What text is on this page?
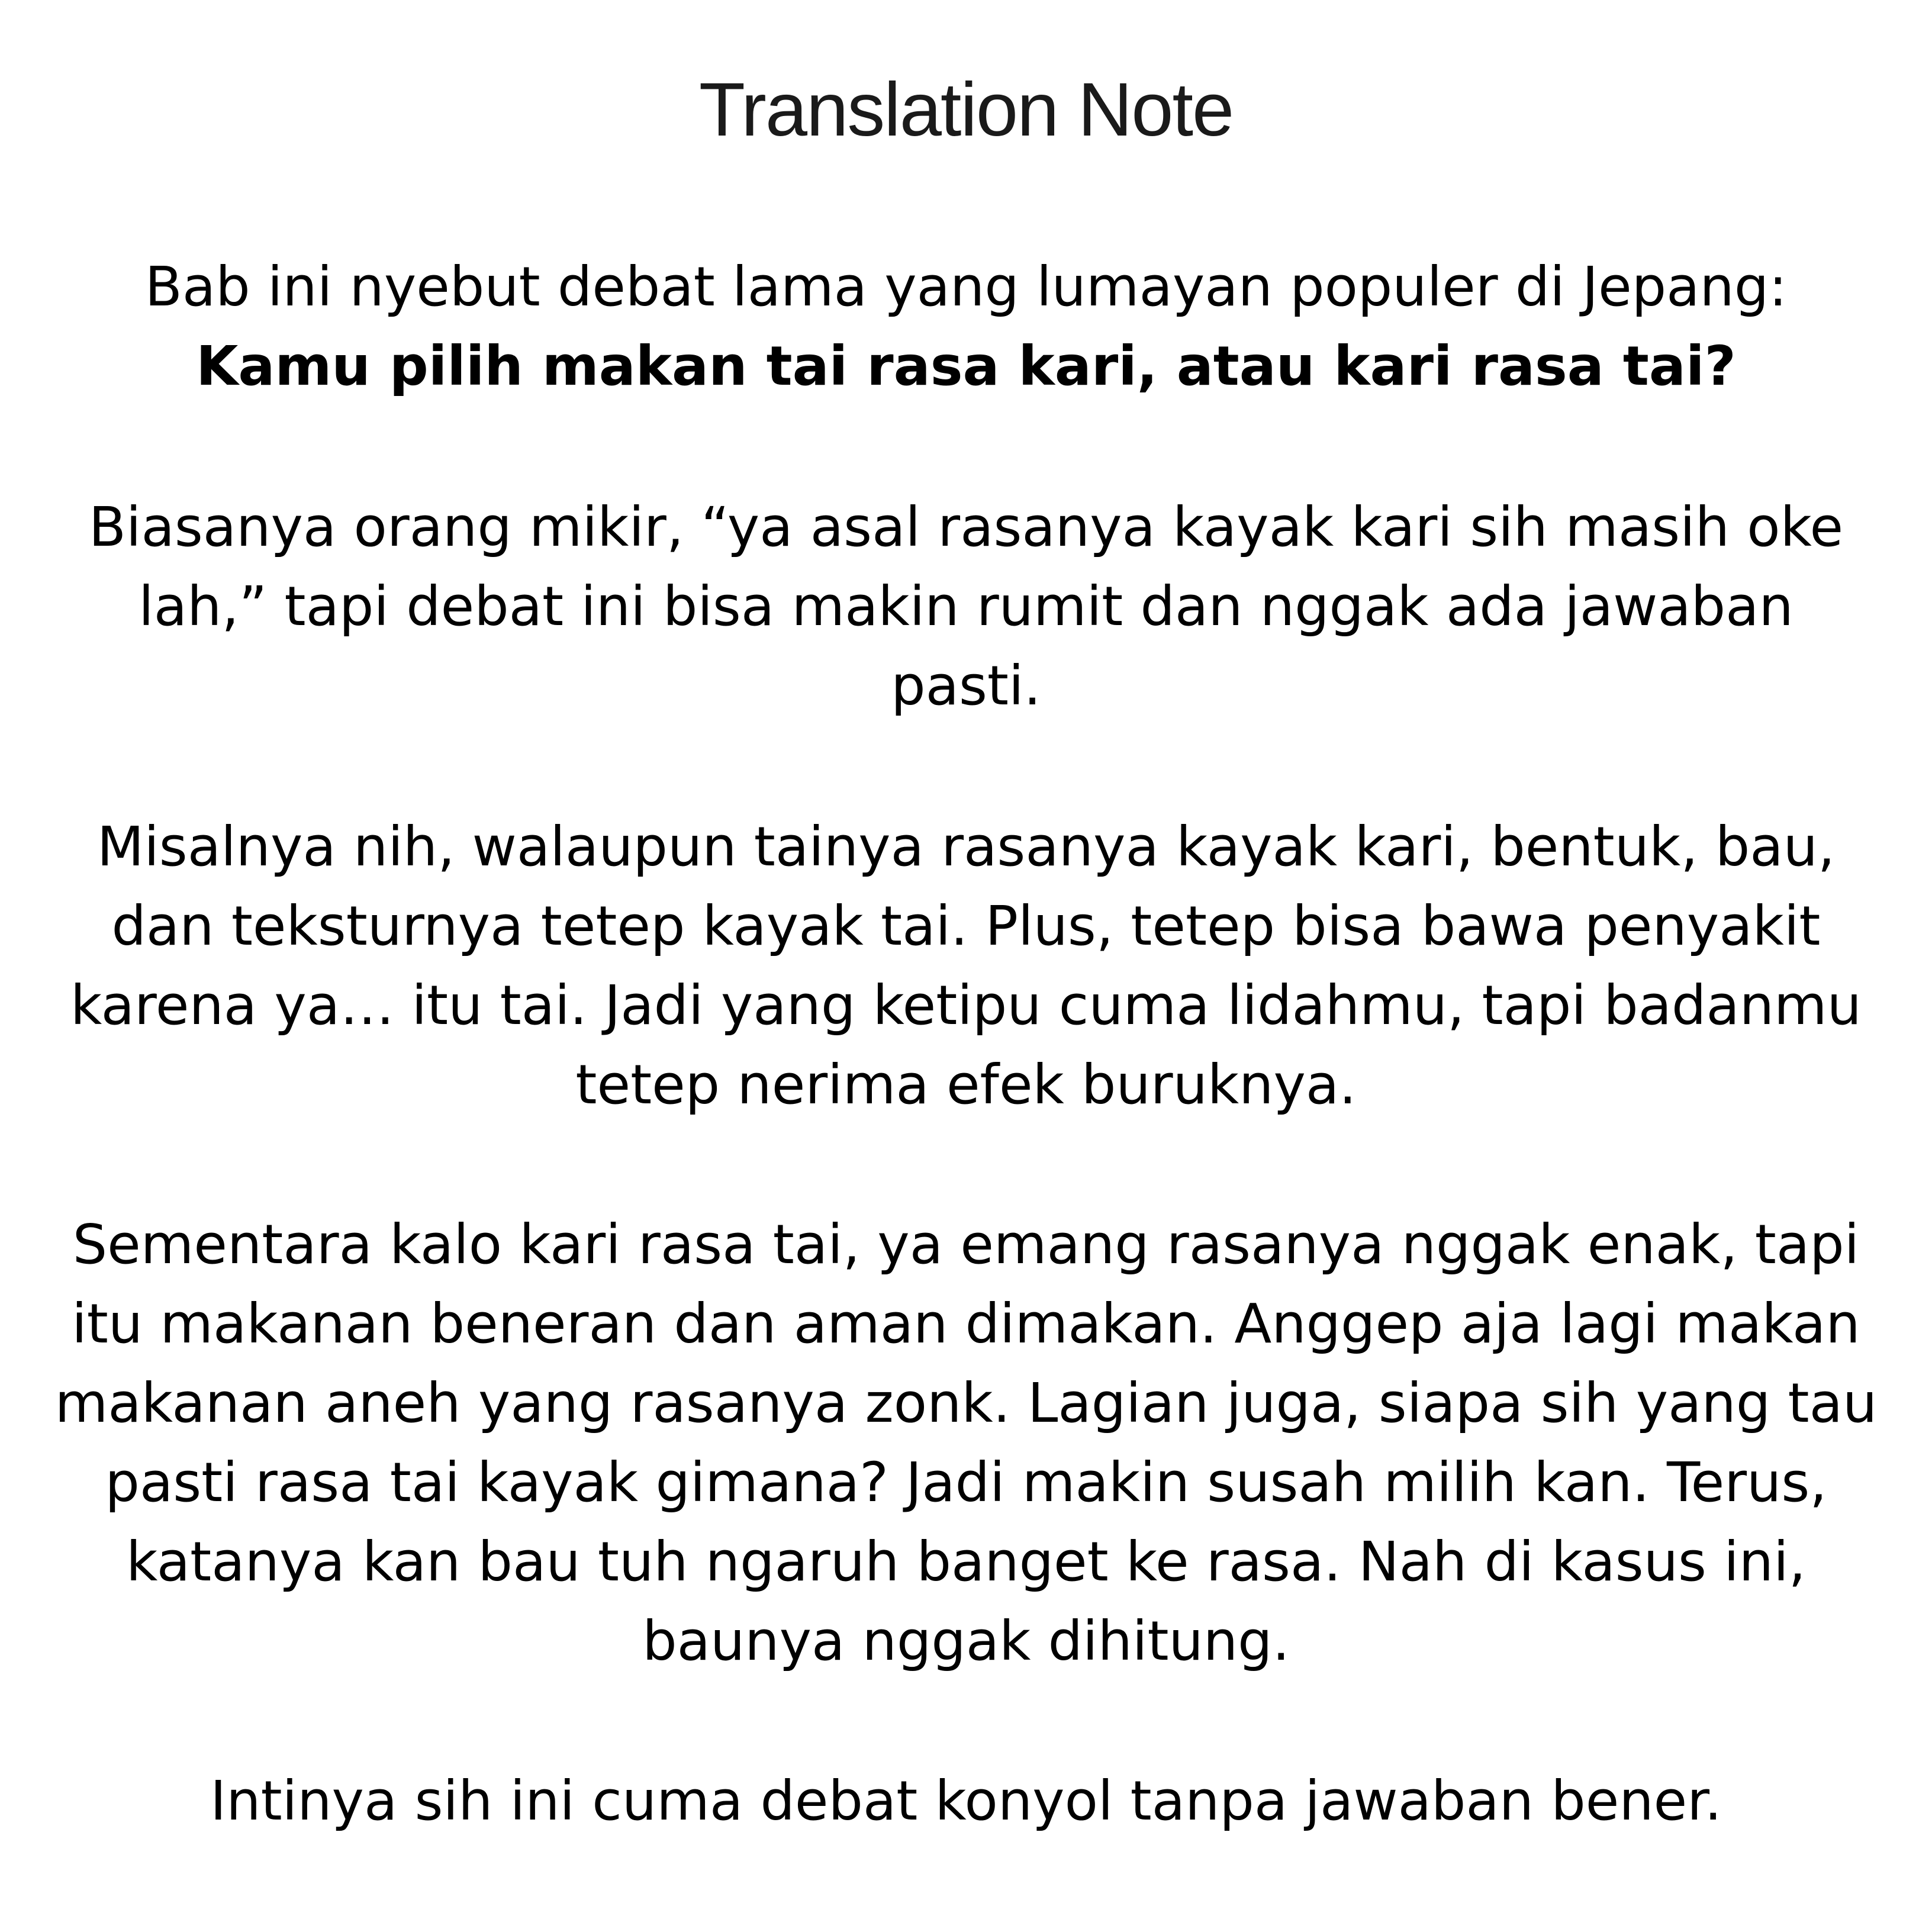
Translation Note

Bab ini nyebut debat lama yang lumayan populer di Jepang:

Kamu pilih makan tai rasa kari, atau kari rasa tai?

Biasanya orang mikir, “ya asal rasanya kayak kari sih masih oke

lah,” tapi debat ini bisa makin rumit dan nggak ada jawaban

pasti.

Misalnya nih, walaupun tainya rasanya kayak kari, bentuk, bau,

dan teksturnya tetep kayak tai. Plus, tetep bisa bawa penyakit

karena ya… itu tai. Jadi yang ketipu cuma lidahmu, tapi badanmu

tetep nerima efek buruknya.

Sementara kalo kari rasa tai, ya emang rasanya nggak enak, tapi

itu makanan beneran dan aman dimakan. Anggep aja lagi makan

makanan aneh yang rasanya zonk. Lagian juga, siapa sih yang tau

pasti rasa tai kayak gimana? Jadi makin susah milih kan. Terus,

katanya kan bau tuh ngaruh banget ke rasa. Nah di kasus ini,

baunya nggak dihitung.

Intinya sih ini cuma debat konyol tanpa jawaban bener.
